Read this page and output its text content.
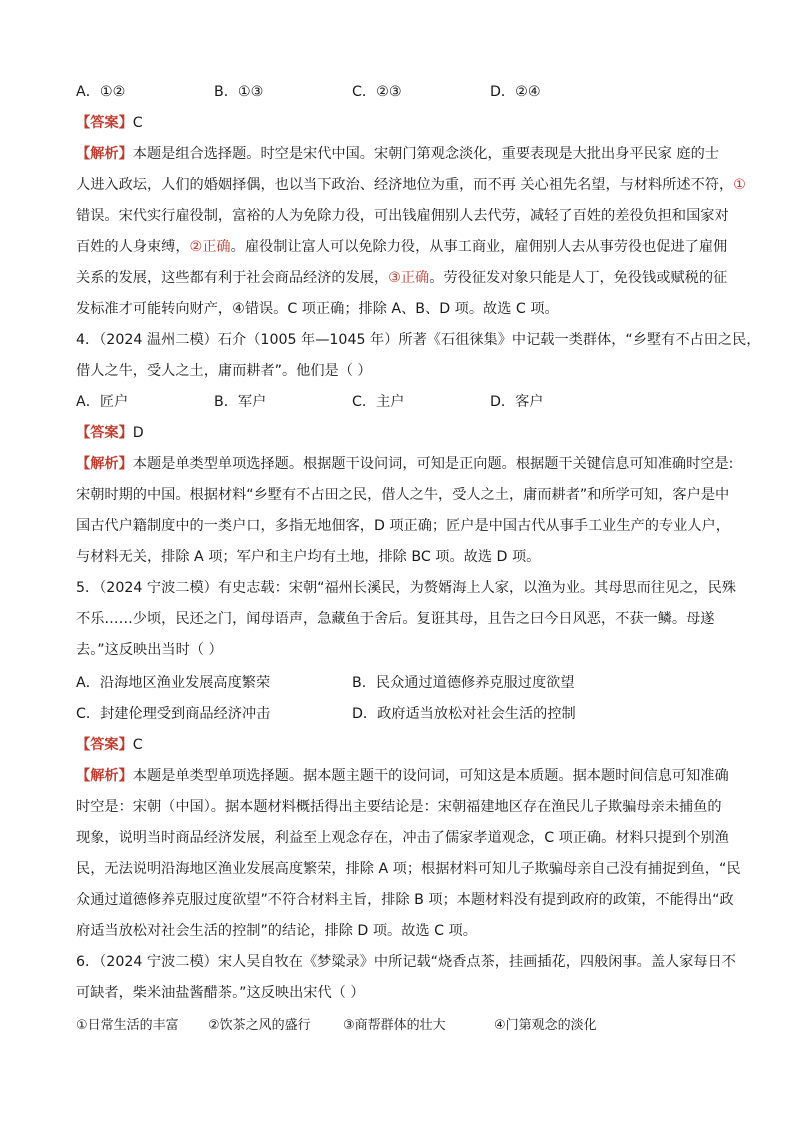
A．①②	B．①③	C．②③	D．②④
【答案】C
【解析】本题是组合选择题。时空是宋代中国。宋朝门第观念淡化，重要表现是大批出身平民家 庭的士
人进入政坛，人们的婚姻择偶，也以当下政治、经济地位为重，而不再 关心祖先名望，与材料所述不符，①
错误。宋代实行雇役制，富裕的人为免除力役，可出钱雇佣别人去代劳，减轻了百姓的差役负担和国家对
百姓的人身束缚，②正确。雇役制让富人可以免除力役，从事工商业，雇佣别人去从事劳役也促进了雇佣
关系的发展，这些都有利于社会商品经济的发展，③正确。劳役征发对象只能是人丁，免役钱或赋税的征
发标准才可能转向财产，④错误。C 项正确；排除 A、B、D 项。故选 C 项。
4．（2024 温州二模）石介（1005 年—1045 年）所著《石徂徕集》中记载一类群体，“乡墅有不占田之民，
借人之牛，受人之土，庸而耕者”。他们是（ ）
A．匠户	B．军户	C．主户	D．客户
【答案】D
【解析】本题是单类型单项选择题。根据题干设问词，可知是正向题。根据题干关键信息可知准确时空是:
宋朝时期的中国。根据材料“乡墅有不占田之民，借人之牛，受人之土，庸而耕者”和所学可知，客户是中
国古代户籍制度中的一类户口，多指无地佃客，D 项正确；匠户是中国古代从事手工业生产的专业人户，
与材料无关，排除 A 项；军户和主户均有土地，排除 BC 项。故选 D 项。
5．（2024 宁波二模）有史志载：宋朝“福州长溪民，为赘婿海上人家，以渔为业。其母思而往见之，民殊
不乐……少顷，民还之门，闻母语声，急藏鱼于舍后。复诳其母，且告之曰今日风恶，不获一鳞。母遂
去。”这反映出当时（ ）
A．沿海地区渔业发展高度繁荣	B．民众通过道德修养克服过度欲望
C．封建伦理受到商品经济冲击	D．政府适当放松对社会生活的控制
【答案】C
【解析】本题是单类型单项选择题。据本题主题干的设问词，可知这是本质题。据本题时间信息可知准确
时空是：宋朝（中国）。据本题材料概括得出主要结论是：宋朝福建地区存在渔民儿子欺骗母亲未捕鱼的
现象，说明当时商品经济发展，利益至上观念存在，冲击了儒家孝道观念，C 项正确。材料只提到个别渔
民，无法说明沿海地区渔业发展高度繁荣，排除 A 项；根据材料可知儿子欺骗母亲自己没有捕捉到鱼，“民
众通过道德修养克服过度欲望”不符合材料主旨，排除 B 项；本题材料没有提到政府的政策，不能得出“政
府适当放松对社会生活的控制”的结论，排除 D 项。故选 C 项。
6．（2024 宁波二模）宋人吴自牧在《梦粱录》中所记载“烧香点茶，挂画插花，四般闲事。盖人家每日不
可缺者，柴米油盐酱醋茶。”这反映出宋代（ ）
①日常生活的丰富 ②饮茶之风的盛行 ③商帮群体的壮大	④门第观念的淡化
